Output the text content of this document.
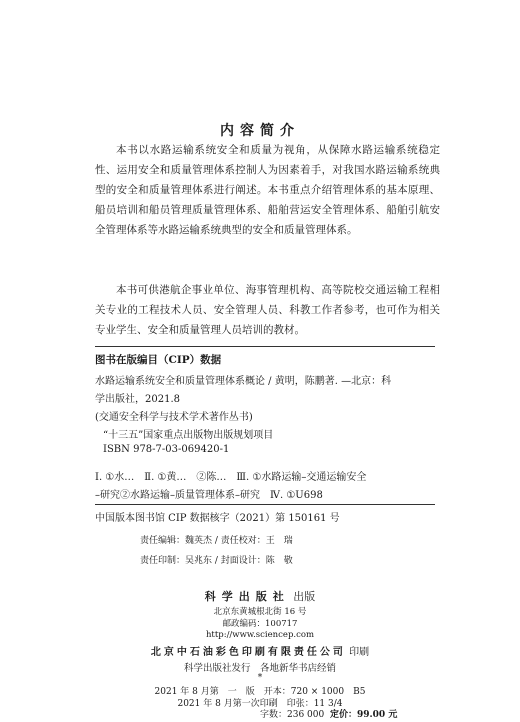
内容简介
本书以水路运输系统安全和质量为视角，从保障水路运输系统稳定性、运用安全和质量管理体系控制人为因素着手，对我国水路运输系统典型的安全和质量管理体系进行阐述。本书重点介绍管理体系的基本原理、船员培训和船员管理质量管理体系、船舶营运安全管理体系、船舶引航安全管理体系等水路运输系统典型的安全和质量管理体系。
本书可供港航企事业单位、海事管理机构、高等院校交通运输工程相关专业的工程技术人员、安全管理人员、科教工作者参考，也可作为相关专业学生、安全和质量管理人员培训的教材。
图书在版编目（CIP）数据
水路运输系统安全和质量管理体系概论 / 黄明，陈鹏著. —北京：科
学出版社，2021.8
(交通安全科学与技术学术著作丛书)
“十三五”国家重点出版物出版规划项目
ISBN 978-7-03-069420-1
Ⅰ. ①水…　Ⅱ. ①黄…　②陈…　Ⅲ. ①水路运输–交通运输安全
–研究②水路运输–质量管理体系–研究　Ⅳ. ①U698
中国版本图书馆 CIP 数据核字（2021）第 150161 号
责任编辑：魏英杰 / 责任校对：王　瑞
责任印制：吴兆东 / 封面设计：陈　敬
科学出版社 出版
北京东黄城根北街 16 号
邮政编码：100717
http://www.sciencep.com
北京中石油彩色印刷有限责任公司 印刷
科学出版社发行　各地新华书店经销
*
2021 年 8 月第　一　版　开本：720 × 1000　B5
2021 年 8 月第一次印刷　印张：11 3/4
字数：236 000 定价：99.00 元
